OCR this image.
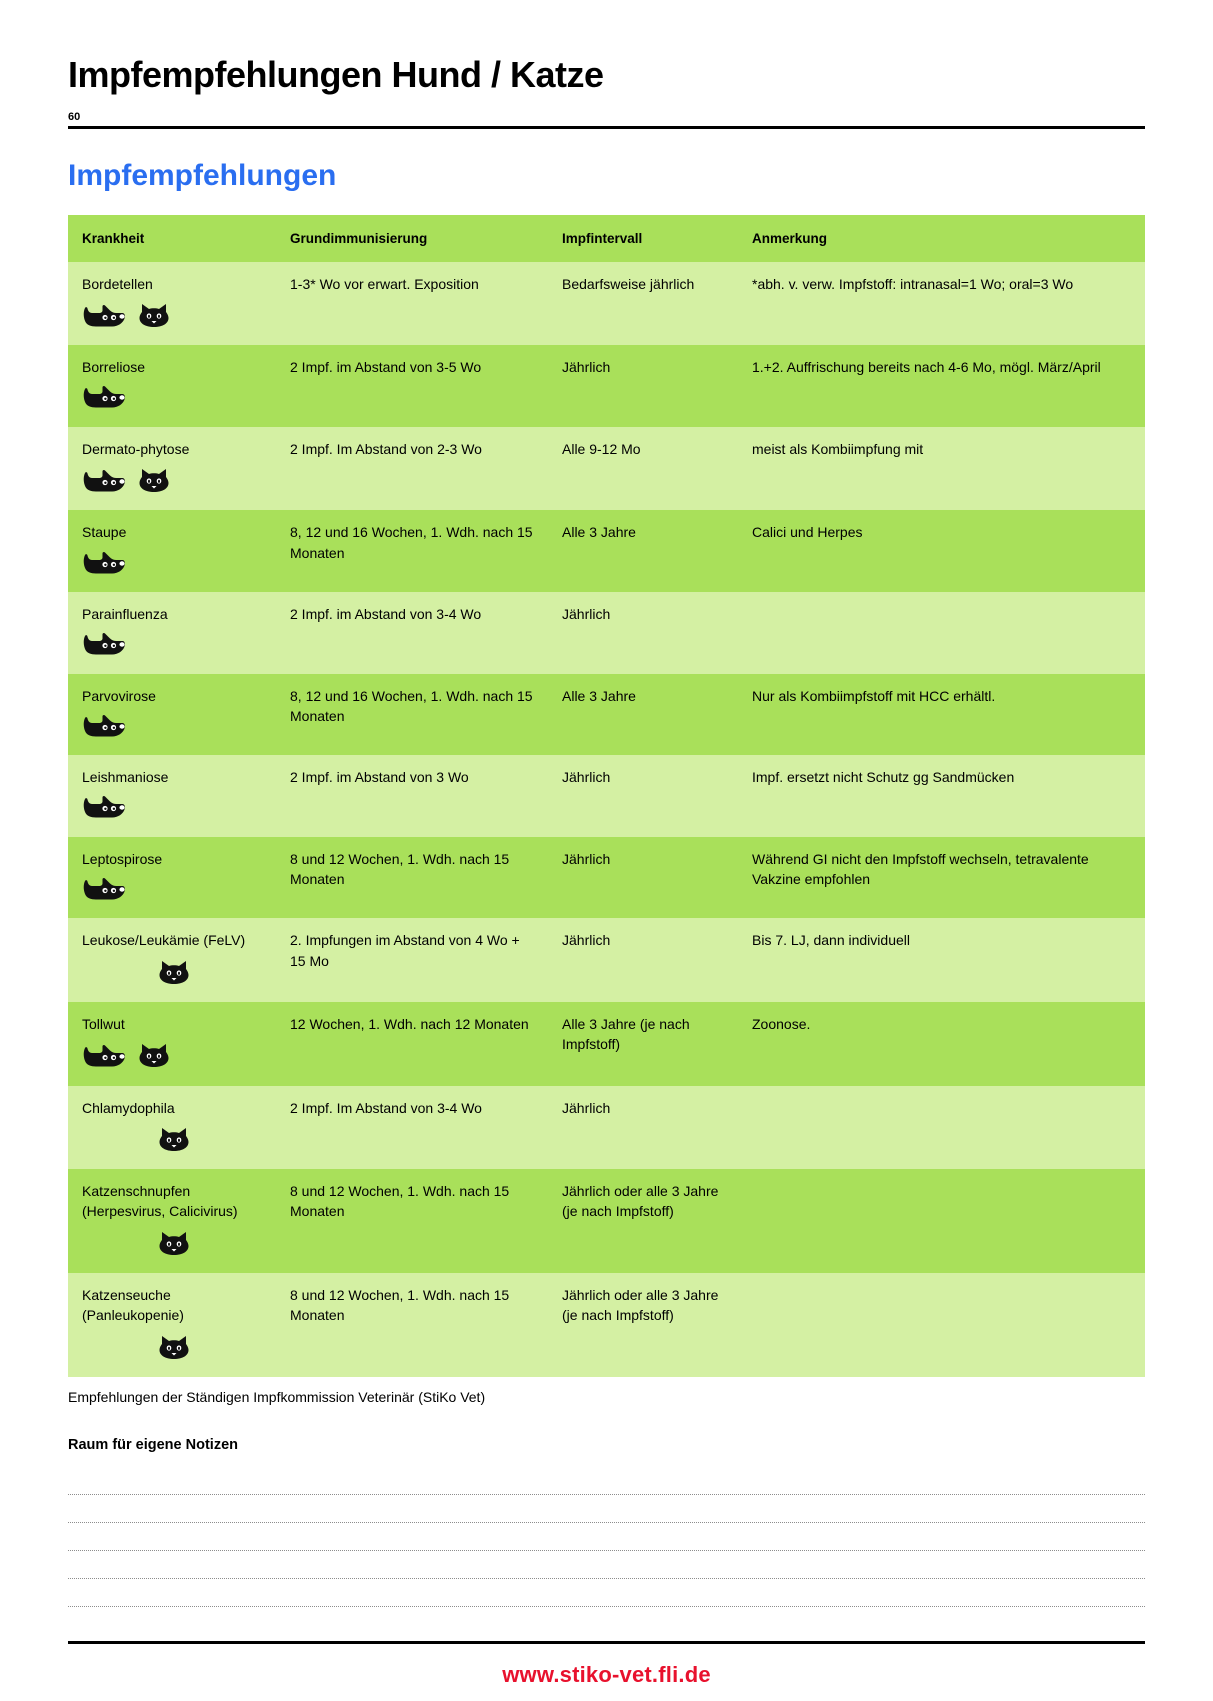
Impfempfehlungen Hund / Katze
60
Impfempfehlungen
Krankheit	Grundimmunisierung	Impfintervall	Anmerkung

Bordetellen	1-3* Wo vor erwart. Exposition	Bedarfsweise jährlich	*abh. v. verw. Impfstoff: intranasal=1 Wo; oral=3 Wo

Borreliose	2 Impf. im Abstand von 3-5 Wo	Jährlich	1.+2. Auffrischung bereits nach 4-6 Mo, mögl. März/April

Dermato-phytose	2 Impf. Im Abstand von 2-3 Wo	Alle 9-12 Mo	meist als Kombiimpfung mit

Staupe	8, 12 und 16 Wochen, 1. Wdh. nach 15 Monaten	Alle 3 Jahre	Calici und Herpes

Parainfluenza	2 Impf. im Abstand von 3-4 Wo	Jährlich	

Parvovirose	8, 12 und 16 Wochen, 1. Wdh. nach 15 Monaten	Alle 3 Jahre	Nur als Kombiimpfstoff mit HCC erhältl.

Leishmaniose	2 Impf. im Abstand von 3 Wo	Jährlich	Impf. ersetzt nicht Schutz gg Sandmücken

Leptospirose	8 und 12 Wochen, 1. Wdh. nach 15 Monaten	Jährlich	Während GI nicht den Impfstoff wechseln, tetravalente Vakzine empfohlen

Leukose/Leukämie (FeLV)	2. Impfungen im Abstand von 4 Wo + 15 Mo	Jährlich	Bis 7. LJ, dann individuell

Tollwut	12 Wochen, 1. Wdh. nach 12 Monaten	Alle 3 Jahre (je nach Impfstoff)	Zoonose.

Chlamydophila	2 Impf. Im Abstand von 3-4 Wo	Jährlich	

Katzenschnupfen (Herpesvirus, Calicivirus)	8 und 12 Wochen, 1. Wdh. nach 15 Monaten	Jährlich oder alle 3 Jahre (je nach Impfstoff)	

Katzenseuche (Panleukopenie)	8 und 12 Wochen, 1. Wdh. nach 15 Monaten	Jährlich oder alle 3 Jahre (je nach Impfstoff)	
Empfehlungen der Ständigen Impfkommission Veterinär (StiKo Vet)
Raum für eigene Notizen
www.stiko-vet.fli.de
